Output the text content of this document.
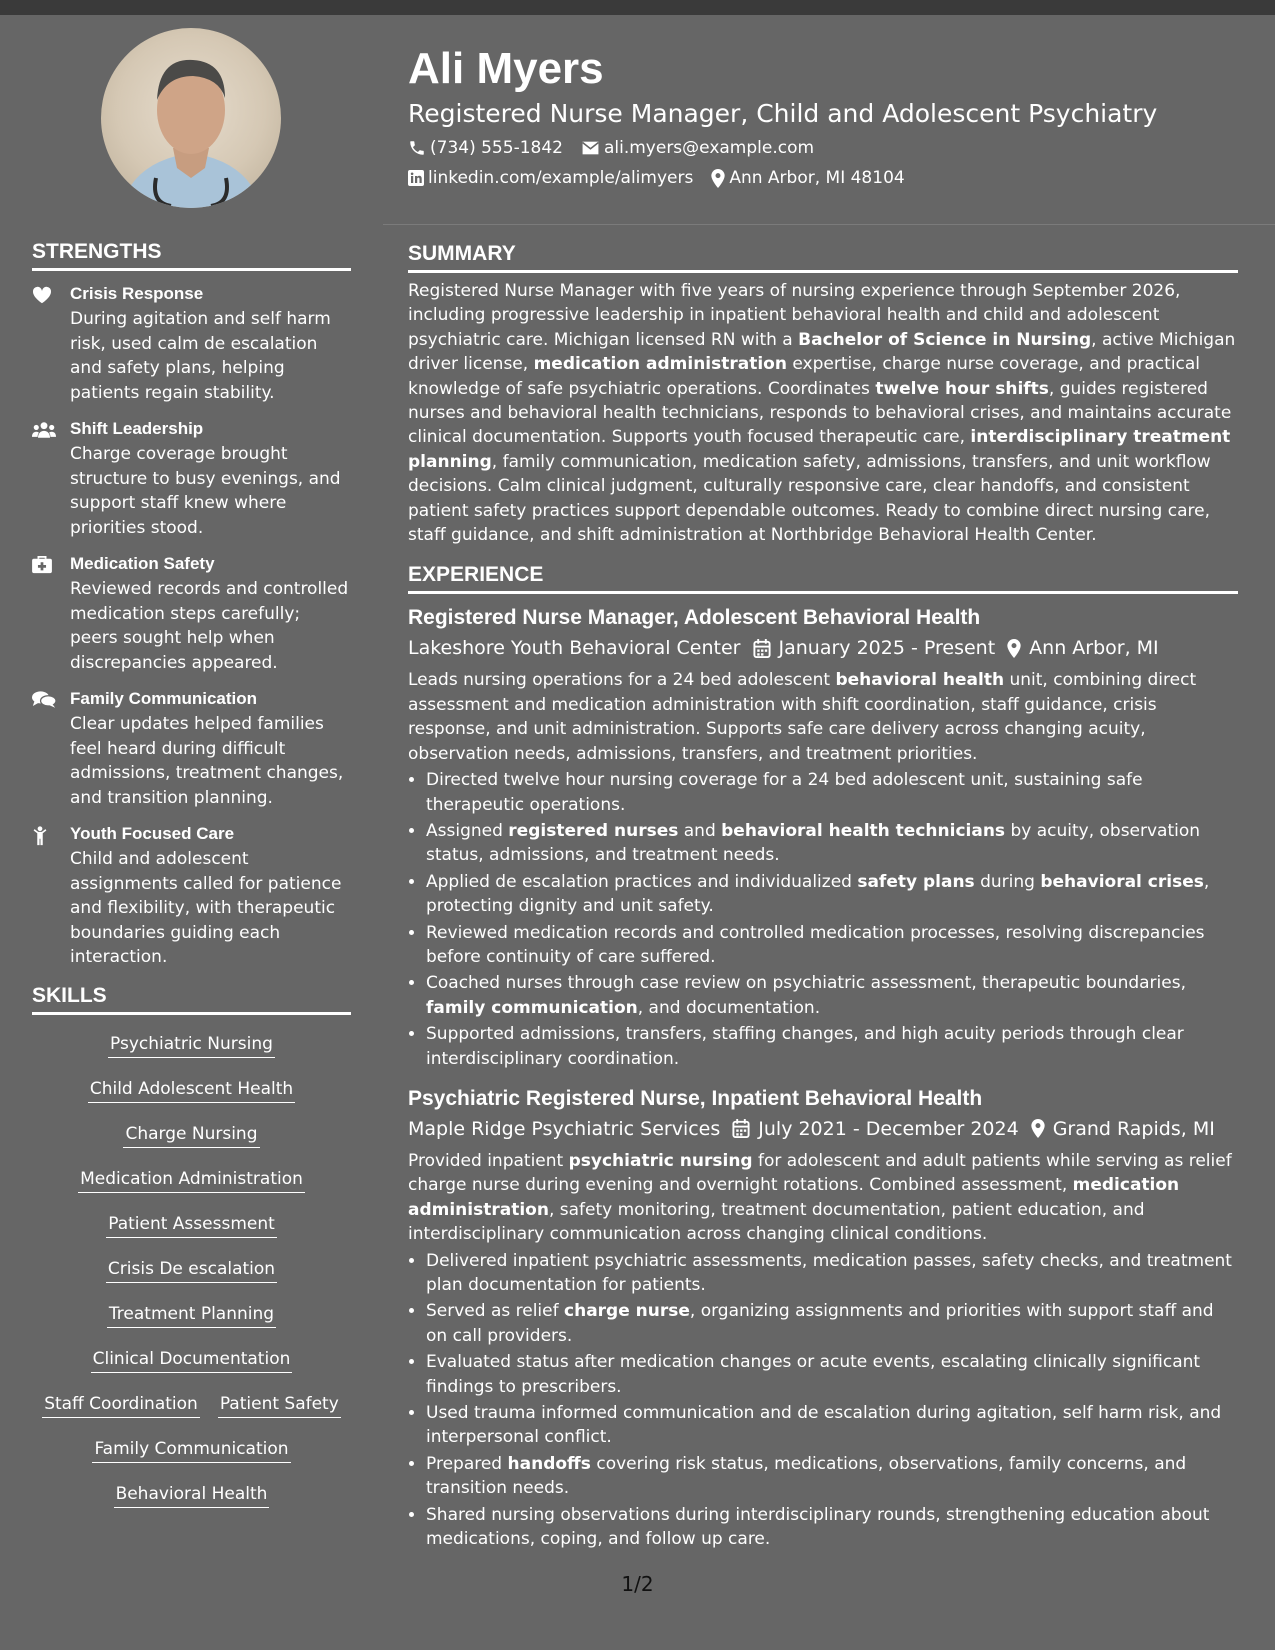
Ali Myers
Registered Nurse Manager, Child and Adolescent Psychiatry
(734) 555-1842 ali.myers@example.com
linkedin.com/example/alimyers Ann Arbor, MI 48104
STRENGTHS
Crisis Response
During agitation and self harm risk, used calm de escalation and safety plans, helping patients regain stability.
Shift Leadership
Charge coverage brought structure to busy evenings, and support staff knew where priorities stood.
Medication Safety
Reviewed records and controlled medication steps carefully; peers sought help when discrepancies appeared.
Family Communication
Clear updates helped families feel heard during difficult admissions, treatment changes, and transition planning.
Youth Focused Care
Child and adolescent assignments called for patience and flexibility, with therapeutic boundaries guiding each interaction.
SKILLS
Psychiatric Nursing
Child Adolescent Health
Charge Nursing
Medication Administration
Patient Assessment
Crisis De escalation
Treatment Planning
Clinical Documentation
Staff Coordination Patient Safety
Family Communication
Behavioral Health
SUMMARY
Registered Nurse Manager with five years of nursing experience through September 2026, including progressive leadership in inpatient behavioral health and child and adolescent psychiatric care. Michigan licensed RN with a Bachelor of Science in Nursing, active Michigan driver license, medication administration expertise, charge nurse coverage, and practical knowledge of safe psychiatric operations. Coordinates twelve hour shifts, guides registered nurses and behavioral health technicians, responds to behavioral crises, and maintains accurate clinical documentation. Supports youth focused therapeutic care, interdisciplinary treatment planning, family communication, medication safety, admissions, transfers, and unit workflow decisions. Calm clinical judgment, culturally responsive care, clear handoffs, and consistent patient safety practices support dependable outcomes. Ready to combine direct nursing care, staff guidance, and shift administration at Northbridge Behavioral Health Center.
EXPERIENCE
Registered Nurse Manager, Adolescent Behavioral Health
Lakeshore Youth Behavioral Center January 2025 - Present Ann Arbor, MI
Leads nursing operations for a 24 bed adolescent behavioral health unit, combining direct assessment and medication administration with shift coordination, staff guidance, crisis response, and unit administration. Supports safe care delivery across changing acuity, observation needs, admissions, transfers, and treatment priorities.
• Directed twelve hour nursing coverage for a 24 bed adolescent unit, sustaining safe therapeutic operations.
• Assigned registered nurses and behavioral health technicians by acuity, observation status, admissions, and treatment needs.
• Applied de escalation practices and individualized safety plans during behavioral crises, protecting dignity and unit safety.
• Reviewed medication records and controlled medication processes, resolving discrepancies before continuity of care suffered.
• Coached nurses through case review on psychiatric assessment, therapeutic boundaries, family communication, and documentation.
• Supported admissions, transfers, staffing changes, and high acuity periods through clear interdisciplinary coordination.
Psychiatric Registered Nurse, Inpatient Behavioral Health
Maple Ridge Psychiatric Services July 2021 - December 2024 Grand Rapids, MI
Provided inpatient psychiatric nursing for adolescent and adult patients while serving as relief charge nurse during evening and overnight rotations. Combined assessment, medication administration, safety monitoring, treatment documentation, patient education, and interdisciplinary communication across changing clinical conditions.
• Delivered inpatient psychiatric assessments, medication passes, safety checks, and treatment plan documentation for patients.
• Served as relief charge nurse, organizing assignments and priorities with support staff and on call providers.
• Evaluated status after medication changes or acute events, escalating clinically significant findings to prescribers.
• Used trauma informed communication and de escalation during agitation, self harm risk, and interpersonal conflict.
• Prepared handoffs covering risk status, medications, observations, family concerns, and transition needs.
• Shared nursing observations during interdisciplinary rounds, strengthening education about medications, coping, and follow up care.
1/2
